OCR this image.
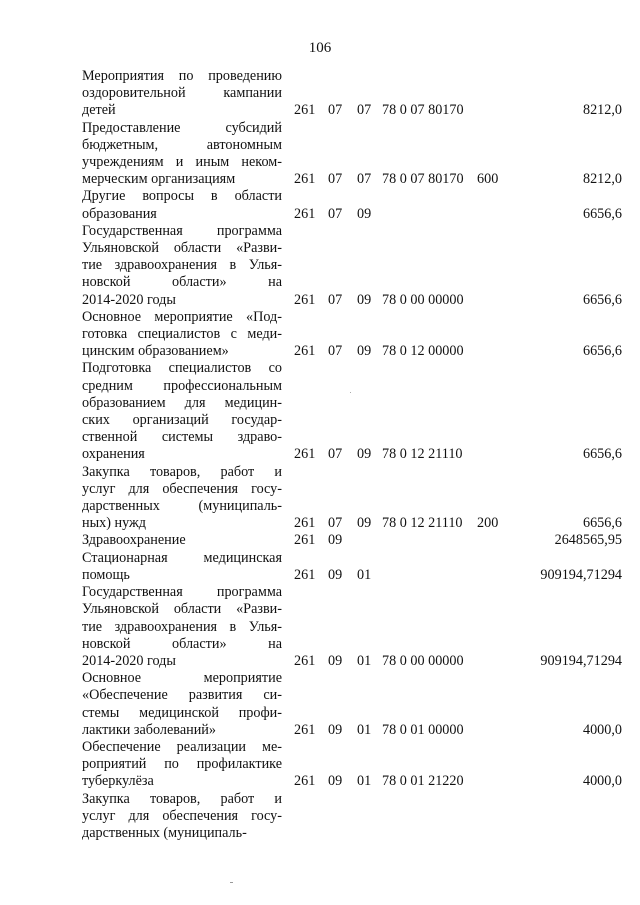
106
Мероприятия по проведению
оздоровительной кампании
детей	261 07 07 78 0 07 80170	8212,0
Предоставление субсидий
бюджетным, автономным
учреждениям и иным неком-
мерческим организациям	261 07 07 78 0 07 80170 600	8212,0
Другие вопросы в области
образования	261 07 09	6656,6
Государственная программа
Ульяновской области «Разви-
тие здравоохранения в Улья-
новской области» на
2014-2020 годы	261 07 09 78 0 00 00000	6656,6
Основное мероприятие «Под-
готовка специалистов с меди-
цинским образованием»	261 07 09 78 0 12 00000	6656,6
Подготовка специалистов со
средним профессиональным
образованием для медицин-
ских организаций государ-
ственной системы здраво-
охранения	261 07 09 78 0 12 21110	6656,6
Закупка товаров, работ и
услуг для обеспечения госу-
дарственных (муниципаль-
ных) нужд	261 07 09 78 0 12 21110 200	6656,6
Здравоохранение	261 09	2648565,95
Стационарная медицинская
помощь	261 09 01	909194,71294
Государственная программа
Ульяновской области «Разви-
тие здравоохранения в Улья-
новской области» на
2014-2020 годы	261 09 01 78 0 00 00000	909194,71294
Основное мероприятие
«Обеспечение развития си-
стемы медицинской профи-
лактики заболеваний»	261 09 01 78 0 01 00000	4000,0
Обеспечение реализации ме-
роприятий по профилактике
туберкулёза	261 09 01 78 0 01 21220	4000,0
Закупка товаров, работ и
услуг для обеспечения госу-
дарственных (муниципаль-
